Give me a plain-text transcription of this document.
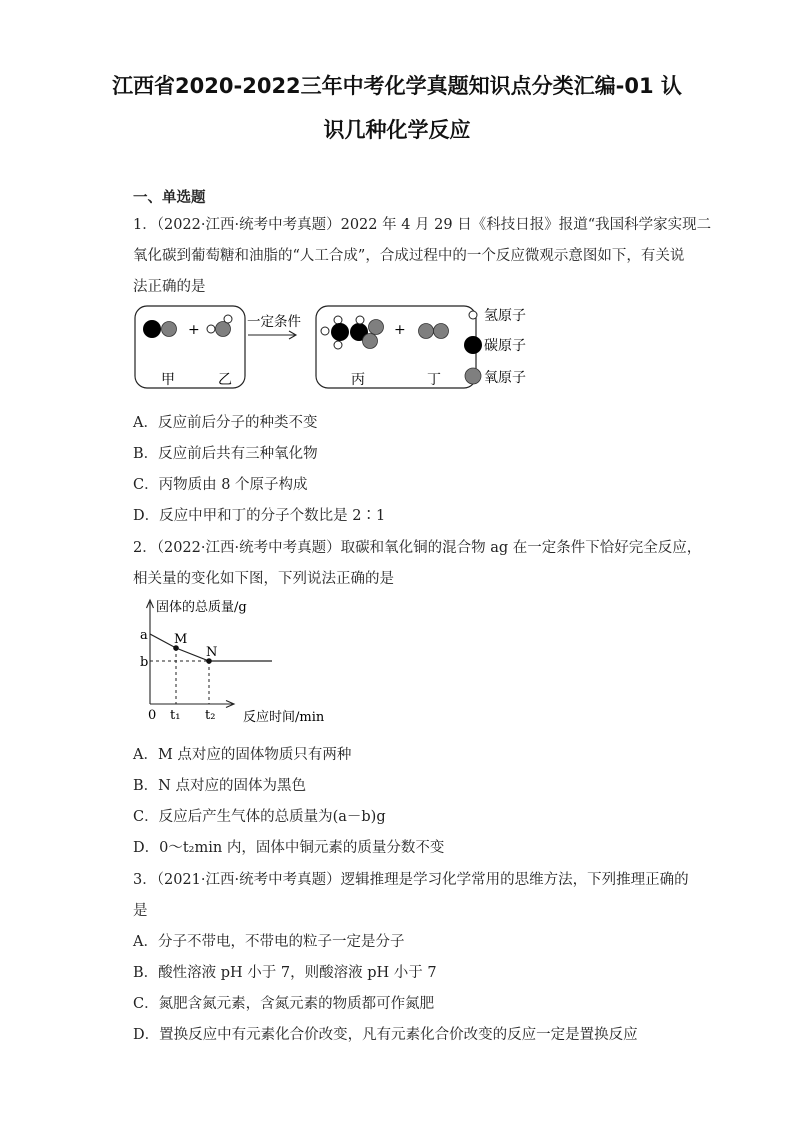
江西省2020-2022三年中考化学真题知识点分类汇编-01 认
识几种化学反应
一、单选题
1．（2022·江西·统考中考真题）2022 年 4 月 29 日《科技日报》报道“我国科学家实现二
氧化碳到葡萄糖和油脂的“人工合成”，合成过程中的一个反应微观示意图如下，有关说
法正确的是
+
甲	乙
一定条件	+
丙	丁
氢原子
碳原子
氧原子
A．反应前后分子的种类不变
B．反应前后共有三种氧化物
C．丙物质由 8 个原子构成
D．反应中甲和丁的分子个数比是 2∶1
2．（2022·江西·统考中考真题）取碳和氧化铜的混合物 ag 在一定条件下恰好完全反应，
相关量的变化如下图，下列说法正确的是
固体的总质量/g
反应时间/min
a
b
0 t₁ t₂
M
N
A．M 点对应的固体物质只有两种
B．N 点对应的固体为黑色
C．反应后产生气体的总质量为(a－b)g
D．0～t₂min 内，固体中铜元素的质量分数不变
3．（2021·江西·统考中考真题）逻辑推理是学习化学常用的思维方法，下列推理正确的
是
A．分子不带电，不带电的粒子一定是分子
B．酸性溶液 pH 小于 7，则酸溶液 pH 小于 7
C．氮肥含氮元素，含氮元素的物质都可作氮肥
D．置换反应中有元素化合价改变，凡有元素化合价改变的反应一定是置换反应
